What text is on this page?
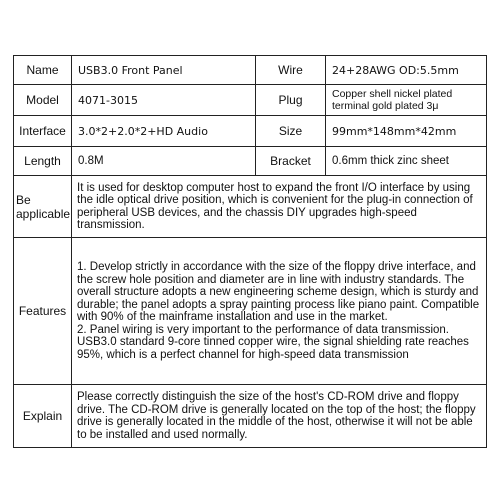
Name	USB3.0 Front Panel	Wire	24+28AWG OD:5.5mm
Model	4071-3015	Plug	Copper shell nickel plated terminal gold plated 3μ
Interface	3.0*2+2.0*2+HD Audio	Size	99mm*148mm*42mm
Length	0.8M	Bracket	0.6mm thick zinc sheet
Be applicable	It is used for desktop computer host to expand the front I/O interface by using the idle optical drive position, which is convenient for the plug-in connection of peripheral USB devices, and the chassis DIY upgrades high-speed transmission.		
Features	1. Develop strictly in accordance with the size of the floppy drive interface, and the screw hole position and diameter are in line with industry standards. The overall structure adopts a new engineering scheme design, which is sturdy and durable; the panel adopts a spray painting process like piano paint. Compatible with 90% of the mainframe installation and use in the market.
2. Panel wiring is very important to the performance of data transmission. USB3.0 standard 9-core tinned copper wire, the signal shielding rate reaches 95%, which is a perfect channel for high-speed data transmission		

Explain	Please correctly distinguish the size of the host's CD-ROM drive and floppy drive. The CD-ROM drive is generally located on the top of the host; the floppy drive is generally located in the middle of the host, otherwise it will not be able to be installed and used normally.		
